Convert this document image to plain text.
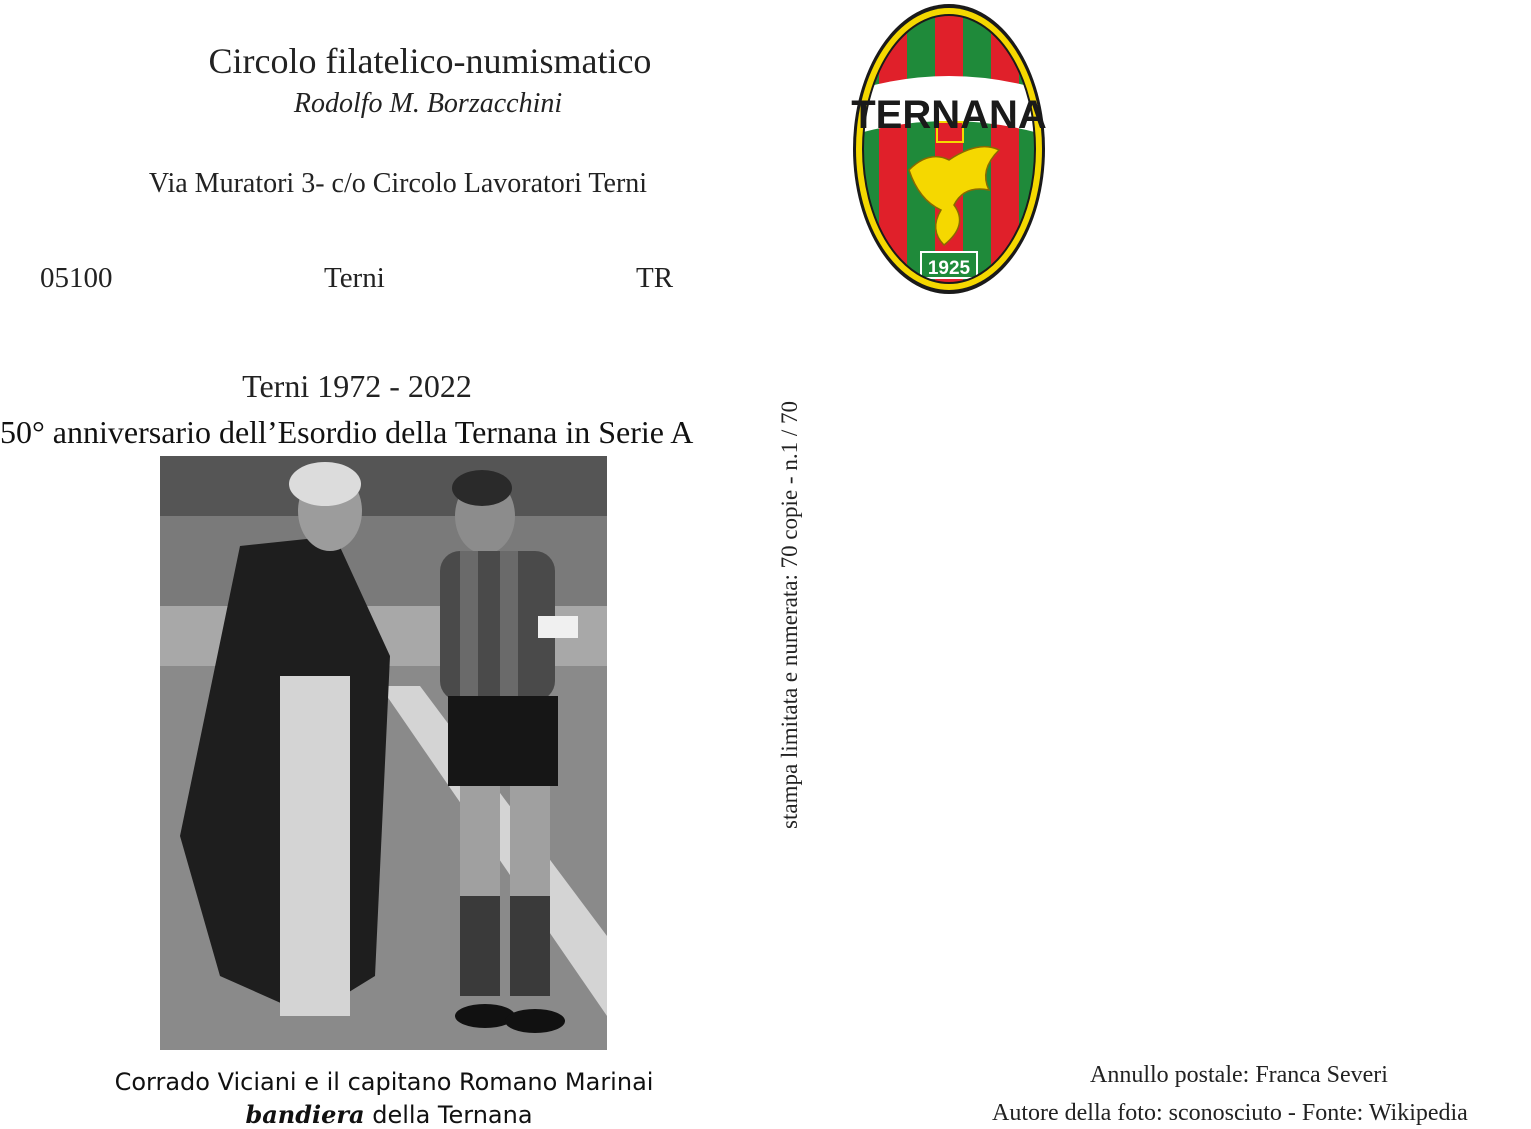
Circolo filatelico-numismatico
Rodolfo M. Borzacchini
Via Muratori 3- c/o Circolo Lavoratori Terni
05100	Terni	TR
Terni 1972 - 2022
50° anniversario dell’Esordio della Ternana in Serie A
Corrado Viciani e il capitano Romano Marinai
bandiera della Ternana
stampa limitata e numerata: 70 copie - n.1 / 70
TERNANA
1925
Annullo postale: Franca Severi
Autore della foto: sconosciuto - Fonte: Wikipedia
